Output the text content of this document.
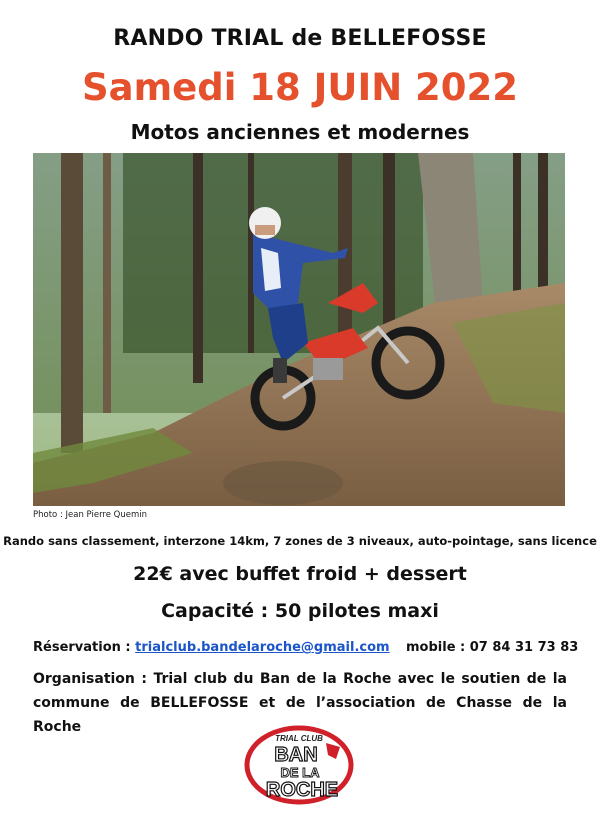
RANDO TRIAL de BELLEFOSSE
Samedi 18 JUIN 2022
Motos anciennes et modernes
Photo : Jean Pierre Quemin
Rando sans classement, interzone 14km, 7 zones de 3 niveaux, auto-pointage, sans licence
22€ avec buffet froid + dessert
Capacité : 50 pilotes maxi
Réservation : trialclub.bandelaroche@gmail.com mobile : 07 84 31 73 83
Organisation : Trial club du Ban de la Roche avec le soutien de la
commune de BELLEFOSSE et de l’association de Chasse de la Roche
TRIAL CLUB
BAN
DE LA
ROCHE
